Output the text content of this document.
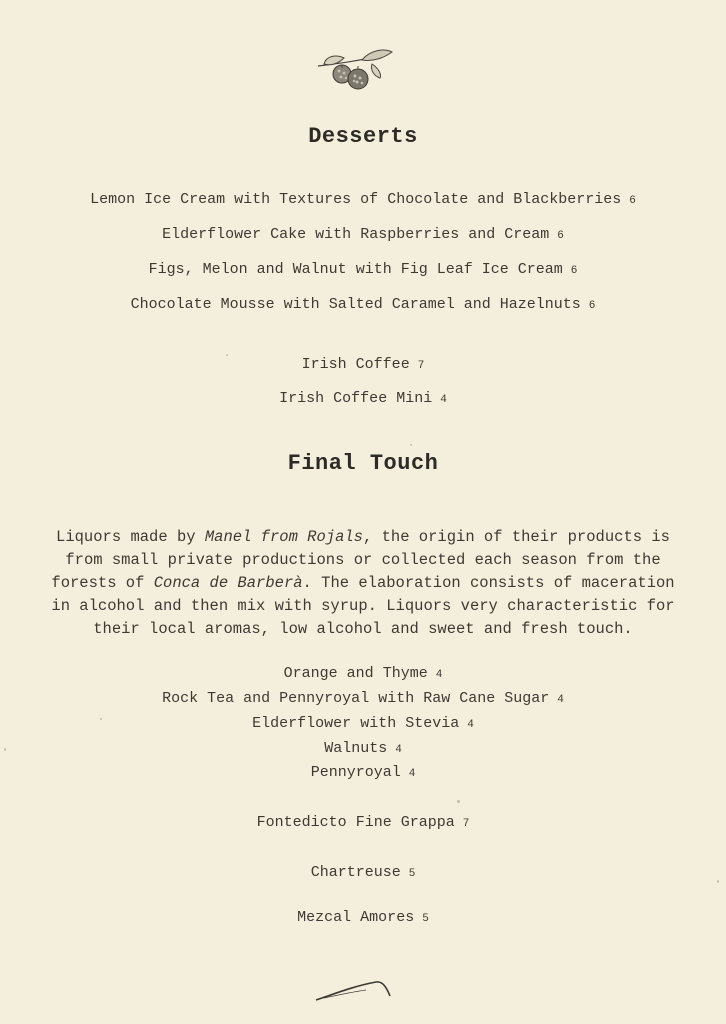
Desserts
Lemon Ice Cream with Textures of Chocolate and Blackberries 6
Elderflower Cake with Raspberries and Cream 6
Figs, Melon and Walnut with Fig Leaf Ice Cream 6
Chocolate Mousse with Salted Caramel and Hazelnuts 6
Irish Coffee 7
Irish Coffee Mini 4
Final Touch
Liquors made by Manel from Rojals, the origin of their products is from small private productions or collected each season from the forests of Conca de Barberà. The elaboration consists of maceration in alcohol and then mix with syrup. Liquors very characteristic for their local aromas, low alcohol and sweet and fresh touch.
Orange and Thyme 4
Rock Tea and Pennyroyal with Raw Cane Sugar 4
Elderflower with Stevia 4
Walnuts 4
Pennyroyal 4
Fontedicto Fine Grappa 7
Chartreuse 5
Mezcal Amores 5
